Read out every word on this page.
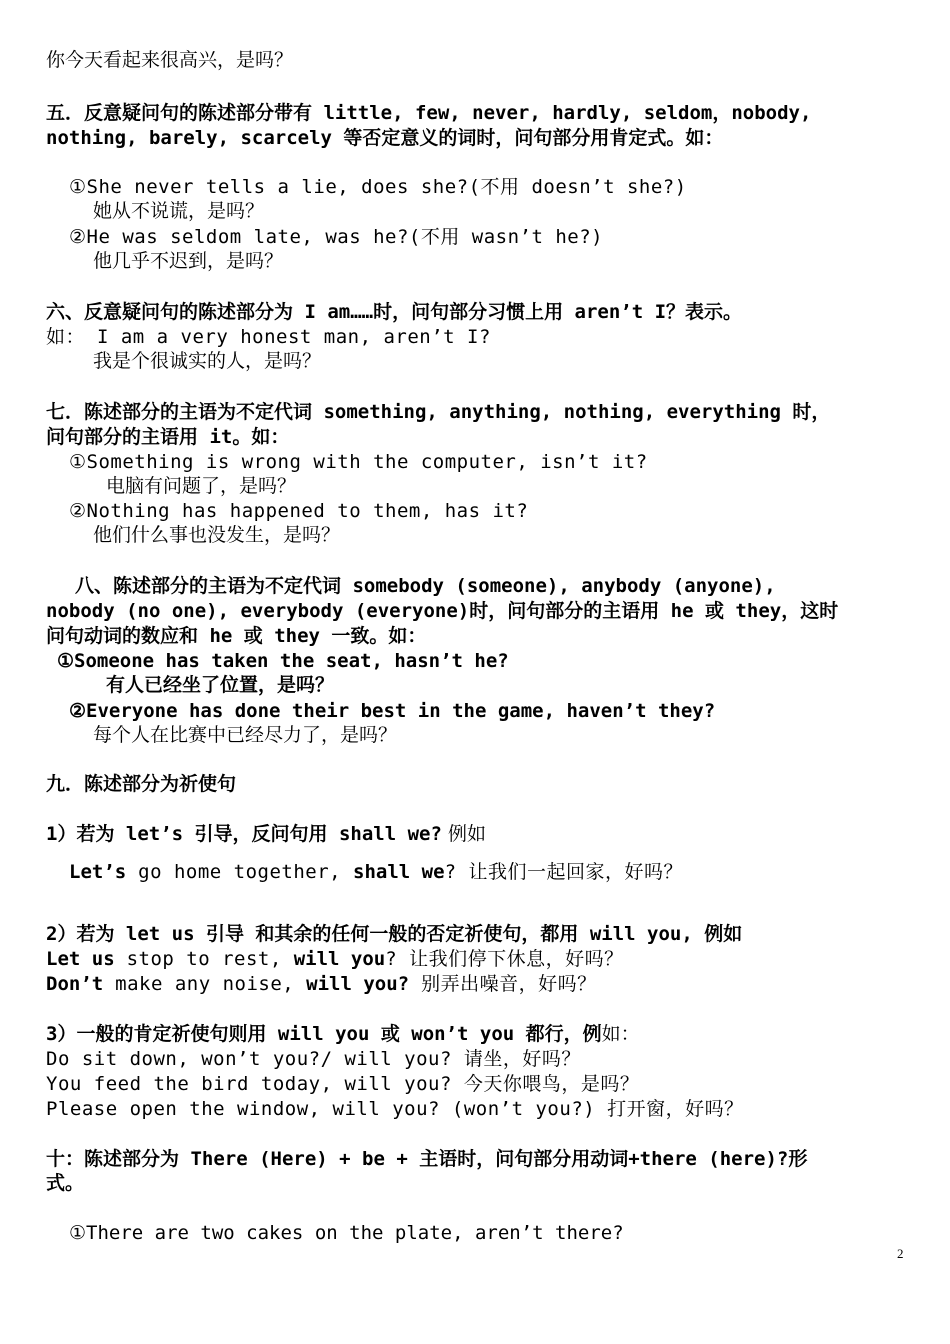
你今天看起来很高兴，是吗？
五．反意疑问句的陈述部分带有 little, few, never, hardly, seldom，nobody,
nothing, barely, scarcely 等否定意义的词时，问句部分用肯定式。如：
①She never tells a lie, does she?(不用 doesn’t she?)
她从不说谎，是吗？
②He was seldom late, was he?(不用 wasn’t he?)
他几乎不迟到，是吗？
六、反意疑问句的陈述部分为 I am……时，问句部分习惯上用 aren’t I？表示。
如： I am a very honest man, aren’t I?
我是个很诚实的人，是吗？
七．陈述部分的主语为不定代词 something, anything, nothing, everything 时，
问句部分的主语用 it。如：
①Something is wrong with the computer, isn’t it?
电脑有问题了，是吗？
②Nothing has happened to them, has it?
他们什么事也没发生，是吗？
八、陈述部分的主语为不定代词 somebody (someone), anybody (anyone),
nobody (no one), everybody (everyone)时，问句部分的主语用 he 或 they，这时
问句动词的数应和 he 或 they 一致。如：
①Someone has taken the seat, hasn’t he?
有人已经坐了位置，是吗？
②Everyone has done their best in the game, haven’t they?
每个人在比赛中已经尽力了，是吗？
九．陈述部分为祈使句
1）若为 let’s 引导，反问句用 shall we? 例如
Let’s go home together, shall we? 让我们一起回家，好吗？
2）若为 let us 引导 和其余的任何一般的否定祈使句，都用 will you, 例如
Let us stop to rest, will you? 让我们停下休息，好吗？
Don’t make any noise, will you? 别弄出噪音，好吗？
3）一般的肯定祈使句则用 will you 或 won’t you 都行，例如：
Do sit down, won’t you?/ will you? 请坐，好吗？
You feed the bird today, will you? 今天你喂鸟，是吗？
Please open the window, will you? (won’t you?) 打开窗，好吗？
十：陈述部分为 There (Here) + be + 主语时，问句部分用动词+there (here)?形
式。
①There are two cakes on the plate, aren’t there?
2
